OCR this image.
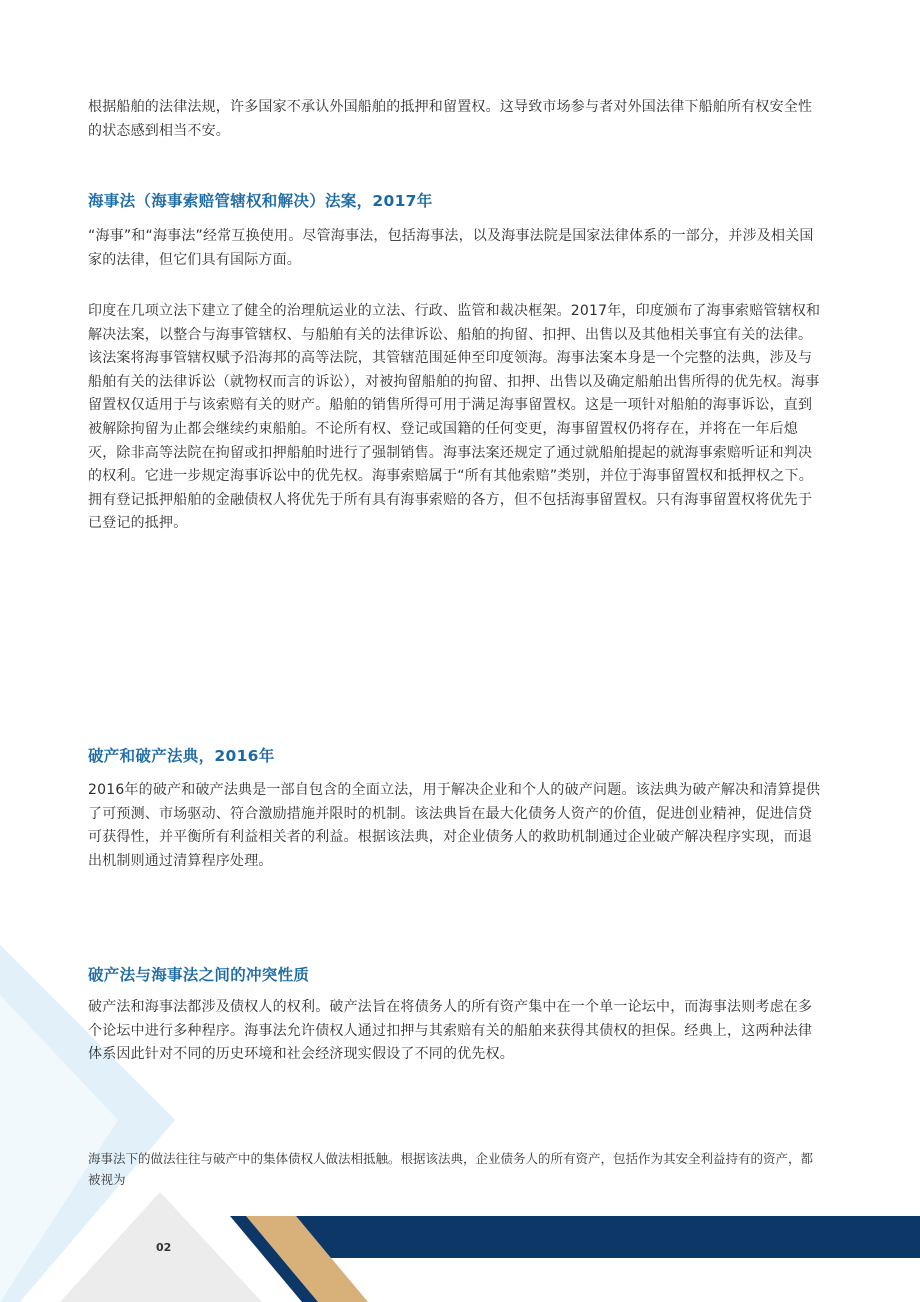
根据船舶的法律法规，许多国家不承认外国船舶的抵押和留置权。这导致市场参与者对外国法律下船舶所有权安全性的状态感到相当不安。

海事法（海事索赔管辖权和解决）法案，2017年

“海事”和“海事法”经常互换使用。尽管海事法，包括海事法，以及海事法院是国家法律体系的一部分，并涉及相关国家的法律，但它们具有国际方面。

印度在几项立法下建立了健全的治理航运业的立法、行政、监管和裁决框架。2017年，印度颁布了海事索赔管辖权和解决法案，以整合与海事管辖权、与船舶有关的法律诉讼、船舶的拘留、扣押、出售以及其他相关事宜有关的法律。该法案将海事管辖权赋予沿海邦的高等法院，其管辖范围延伸至印度领海。海事法案本身是一个完整的法典，涉及与船舶有关的法律诉讼（就物权而言的诉讼），对被拘留船舶的拘留、扣押、出售以及确定船舶出售所得的优先权。海事留置权仅适用于与该索赔有关的财产。船舶的销售所得可用于满足海事留置权。这是一项针对船舶的海事诉讼，直到被解除拘留为止都会继续约束船舶。不论所有权、登记或国籍的任何变更，海事留置权仍将存在，并将在一年后熄灭，除非高等法院在拘留或扣押船舶时进行了强制销售。海事法案还规定了通过就船舶提起的就海事索赔听证和判决的权利。它进一步规定海事诉讼中的优先权。海事索赔属于“所有其他索赔”类别，并位于海事留置权和抵押权之下。拥有登记抵押船舶的金融债权人将优先于所有具有海事索赔的各方，但不包括海事留置权。只有海事留置权将优先于已登记的抵押。

破产和破产法典，2016年

2016年的破产和破产法典是一部自包含的全面立法，用于解决企业和个人的破产问题。该法典为破产解决和清算提供了可预测、市场驱动、符合激励措施并限时的机制。该法典旨在最大化债务人资产的价值，促进创业精神，促进信贷可获得性，并平衡所有利益相关者的利益。根据该法典，对企业债务人的救助机制通过企业破产解决程序实现，而退出机制则通过清算程序处理。

破产法与海事法之间的冲突性质

破产法和海事法都涉及债权人的权利。破产法旨在将债务人的所有资产集中在一个单一论坛中，而海事法则考虑在多个论坛中进行多种程序。海事法允许债权人通过扣押与其索赔有关的船舶来获得其债权的担保。经典上，这两种法律体系因此针对不同的历史环境和社会经济现实假设了不同的优先权。

海事法下的做法往往与破产中的集体债权人做法相抵触。根据该法典，企业债务人的所有资产，包括作为其安全利益持有的资产，都被视为

02
